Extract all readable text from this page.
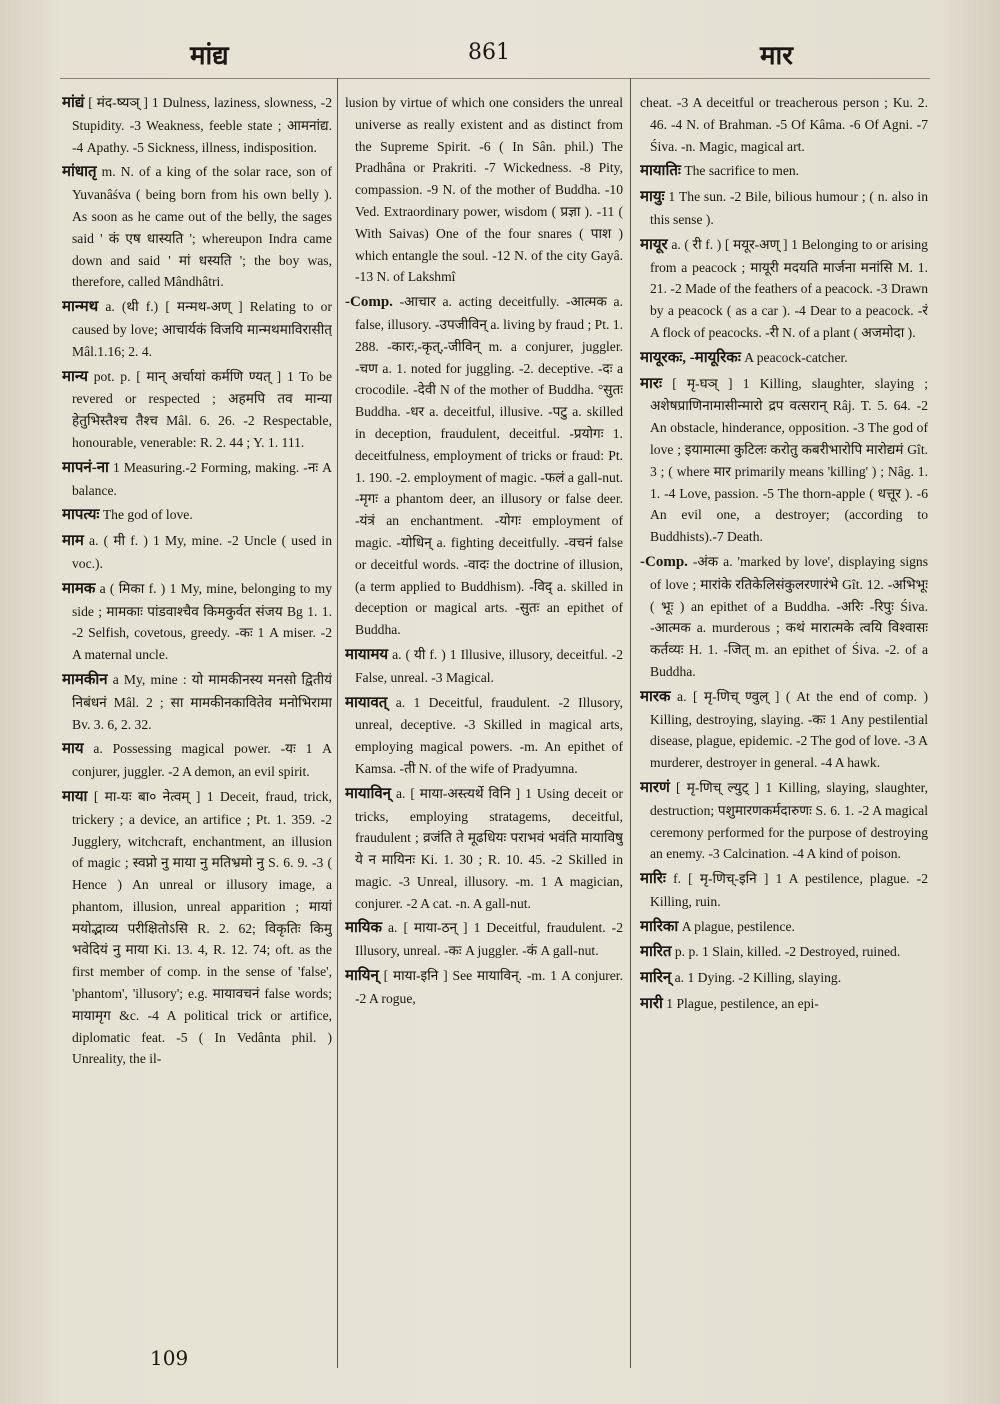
मांद्य	861	मार

मांद्यं [ मंद-ष्यञ् ] 1 Dulness, laziness, slowness, -2 Stupidity. -3 Weakness, feeble state ; आमनांद्य. -4 Apathy. -5 Sickness, illness, indisposition.

मांधातृ m. N. of a king of the solar race, son of Yuvanâśva ( being born from his own belly ). As soon as he came out of the belly, the sages said ' कं एष धास्यति '; whereupon Indra came down and said ' मां धस्यति '; the boy was, therefore, called Mândhâtri.

मान्मथ a. (थी f.) [ मन्मथ-अण् ] Relating to or caused by love; आचार्यकं विजयि मान्मथमाविरासीत् Mâl.1.16; 2. 4.

मान्य pot. p. [ मान् अर्चायां कर्मणि ण्यत् ] 1 To be revered or respected ; अहमपि तव मान्या हेतुभिस्तैश्च तैश्च Mâl. 6. 26. -2 Respectable, honourable, venerable: R. 2. 44 ; Y. 1. 111.

मापनं-ना 1 Measuring.-2 Forming, making. -नः A balance.

मापत्यः The god of love.

माम a. ( मी f. ) 1 My, mine. -2 Uncle ( used in voc.).

मामक a ( मिका f. ) 1 My, mine, belonging to my side ; मामकाः पांडवाश्चैव किमकुर्वत संजय Bg 1. 1. -2 Selfish, covetous, greedy. -कः 1 A miser. -2 A maternal uncle.

मामकीन a My, mine : यो मामकीनस्य मनसो द्वितीयं निबंधनं Mâl. 2 ; सा मामकीनकावितेव मनोभिरामा Bv. 3. 6, 2. 32.

माय a. Possessing magical power. -यः 1 A conjurer, juggler. -2 A demon, an evil spirit.

माया [ मा-यः बा० नेत्वम् ] 1 Deceit, fraud, trick, trickery ; a device, an artifice ; Pt. 1. 359. -2 Jugglery, witchcraft, enchantment, an illusion of magic ; स्वप्नो नु माया नु मतिभ्रमो नु S. 6. 9. -3 ( Hence ) An unreal or illusory image, a phantom, illusion, unreal apparition ; मायां मयोद्भाव्य परीक्षितोऽसि R. 2. 62; विकृतिः किमु भवेदियं नु माया Ki. 13. 4, R. 12. 74; oft. as the first member of comp. in the sense of 'false', 'phantom', 'illusory'; e.g. मायावचनं false words; मायामृग &c. -4 A political trick or artifice, diplomatic feat. -5 ( In Vedânta phil. ) Unreality, the il-

lusion by virtue of which one considers the unreal universe as really existent and as distinct from the Supreme Spirit. -6 ( In Sân. phil.) The Pradhâna or Prakriti. -7 Wickedness. -8 Pity, compassion. -9 N. of the mother of Buddha. -10 Ved. Extraordinary power, wisdom ( प्रज्ञा ). -11 ( With Saivas) One of the four snares ( पाश ) which entangle the soul. -12 N. of the city Gayâ. -13 N. of Lakshmî

-Comp. -आचार a. acting deceitfully. -आत्मक a. false, illusory. -उपजीविन् a. living by fraud ; Pt. 1. 288. -कारः,-कृत्,-जीविन् m. a conjurer, juggler. -चण a. 1. noted for juggling. -2. deceptive. -दः a crocodile. -देवी N of the mother of Buddha. °सुतः Buddha. -धर a. deceitful, illusive. -पटु a. skilled in deception, fraudulent, deceitful. -प्रयोगः 1. deceitfulness, employment of tricks or fraud: Pt. 1. 190. -2. employment of magic. -फलं a gall-nut. -मृगः a phantom deer, an illusory or false deer. -यंत्रं an enchantment. -योगः employment of magic. -योधिन् a. fighting deceitfully. -वचनं false or deceitful words. -वादः the doctrine of illusion, (a term applied to Buddhism). -विद् a. skilled in deception or magical arts. -सुतः an epithet of Buddha.

मायामय a. ( यी f. ) 1 Illusive, illusory, deceitful. -2 False, unreal. -3 Magical.

मायावत् a. 1 Deceitful, fraudulent. -2 Illusory, unreal, deceptive. -3 Skilled in magical arts, employing magical powers. -m. An epithet of Kamsa. -ती N. of the wife of Pradyumna.

मायाविन् a. [ माया-अस्त्यर्थे विनि ] 1 Using deceit or tricks, employing stratagems, deceitful, fraudulent ; व्रजंति ते मूढधियः पराभवं भवंति मायाविषु ये न मायिनः Ki. 1. 30 ; R. 10. 45. -2 Skilled in magic. -3 Unreal, illusory. -m. 1 A magician, conjurer. -2 A cat. -n. A gall-nut.

मायिक a. [ माया-ठन् ] 1 Deceitful, fraudulent. -2 Illusory, unreal. -कः A juggler. -कं A gall-nut.

मायिन् [ माया-इनि ] See मायाविन्. -m. 1 A conjurer. -2 A rogue,

cheat. -3 A deceitful or treacherous person ; Ku. 2. 46. -4 N. of Brahman. -5 Of Kâma. -6 Of Agni. -7 Śiva. -n. Magic, magical art.

मायातिः The sacrifice to men.

मायुः 1 The sun. -2 Bile, bilious humour ; ( n. also in this sense ).

मायूर a. ( री f. ) [ मयूर-अण् ] 1 Belonging to or arising from a peacock ; मायूरी मदयति मार्जना मनांसि M. 1. 21. -2 Made of the feathers of a peacock. -3 Drawn by a peacock ( as a car ). -4 Dear to a peacock. -रं A flock of peacocks. -री N. of a plant ( अजमोदा ).

मायूरकः, -मायूरिकः A peacock-catcher.

मारः [ मृ-घञ् ] 1 Killing, slaughter, slaying ; अशेषप्राणिनामासीन्मारो द्रप वत्सरान् Râj. T. 5. 64. -2 An obstacle, hinderance, opposition. -3 The god of love ; इयामात्मा कुटिलः करोतु कबरीभारोपि मारोद्यमं Gît. 3 ; ( where मार primarily means 'killing' ) ; Nâg. 1. 1. -4 Love, passion. -5 The thorn-apple ( धत्तूर ). -6 An evil one, a destroyer; (according to Buddhists).-7 Death.

-Comp. -अंक a. 'marked by love', displaying signs of love ; मारांके रतिकेलिसंकुलरणारंभे Gît. 12. -अभिभूः ( भूः ) an epithet of a Buddha. -अरिः -रिपुः Śiva. -आत्मक a. murderous ; कथं मारात्मके त्वयि विश्वासः कर्तव्यः H. 1. -जित् m. an epithet of Śiva. -2. of a Buddha.

मारक a. [ मृ-णिच् ण्वुल् ] ( At the end of comp. ) Killing, destroying, slaying. -कः 1 Any pestilential disease, plague, epidemic. -2 The god of love. -3 A murderer, destroyer in general. -4 A hawk.

मारणं [ मृ-णिच् ल्युट् ] 1 Killing, slaying, slaughter, destruction; पशुमारणकर्मदारुणः S. 6. 1. -2 A magical ceremony performed for the purpose of destroying an enemy. -3 Calcination. -4 A kind of poison.

मारिः f. [ मृ-णिच्-इनि ] 1 A pestilence, plague. -2 Killing, ruin.

मारिका A plague, pestilence.

मारित p. p. 1 Slain, killed. -2 Destroyed, ruined.

मारिन् a. 1 Dying. -2 Killing, slaying.

मारी 1 Plague, pestilence, an epi-

109
